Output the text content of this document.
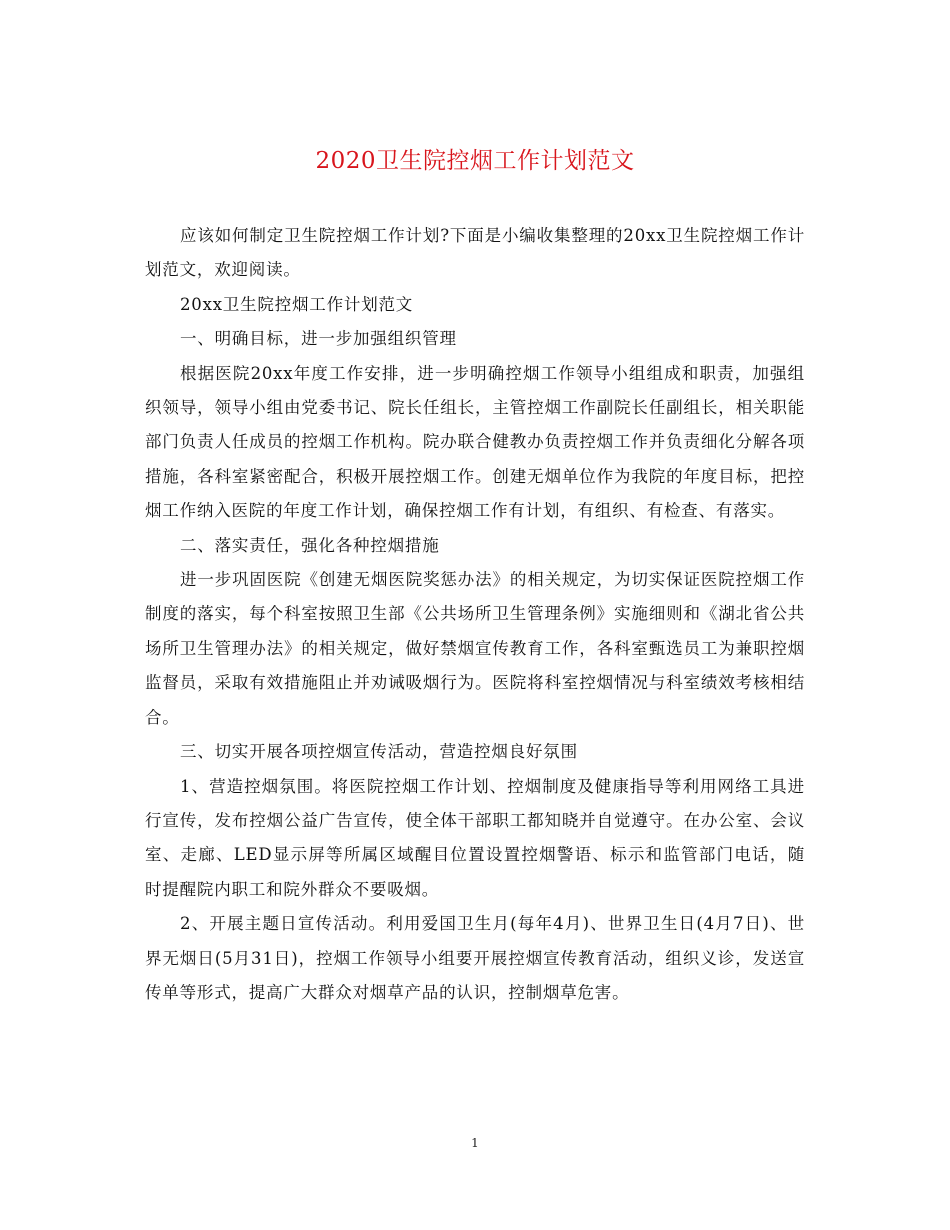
2020卫生院控烟工作计划范文

应该如何制定卫生院控烟工作计划?下面是小编收集整理的20xx卫生院控烟工作计划范文，欢迎阅读。

20xx卫生院控烟工作计划范文

一、明确目标，进一步加强组织管理

根据医院20xx年度工作安排，进一步明确控烟工作领导小组组成和职责，加强组织领导，领导小组由党委书记、院长任组长，主管控烟工作副院长任副组长，相关职能部门负责人任成员的控烟工作机构。院办联合健教办负责控烟工作并负责细化分解各项措施，各科室紧密配合，积极开展控烟工作。创建无烟单位作为我院的年度目标，把控烟工作纳入医院的年度工作计划，确保控烟工作有计划，有组织、有检查、有落实。

二、落实责任，强化各种控烟措施

进一步巩固医院《创建无烟医院奖惩办法》的相关规定，为切实保证医院控烟工作制度的落实，每个科室按照卫生部《公共场所卫生管理条例》实施细则和《湖北省公共场所卫生管理办法》的相关规定，做好禁烟宣传教育工作，各科室甄选员工为兼职控烟监督员，采取有效措施阻止并劝诫吸烟行为。医院将科室控烟情况与科室绩效考核相结合。

三、切实开展各项控烟宣传活动，营造控烟良好氛围

1、营造控烟氛围。将医院控烟工作计划、控烟制度及健康指导等利用网络工具进行宣传，发布控烟公益广告宣传，使全体干部职工都知晓并自觉遵守。在办公室、会议室、走廊、LED显示屏等所属区域醒目位置设置控烟警语、标示和监管部门电话，随时提醒院内职工和院外群众不要吸烟。

2、开展主题日宣传活动。利用爱国卫生月(每年4月)、世界卫生日(4月7日)、世界无烟日(5月31日)，控烟工作领导小组要开展控烟宣传教育活动，组织义诊，发送宣传单等形式，提高广大群众对烟草产品的认识，控制烟草危害。

1
